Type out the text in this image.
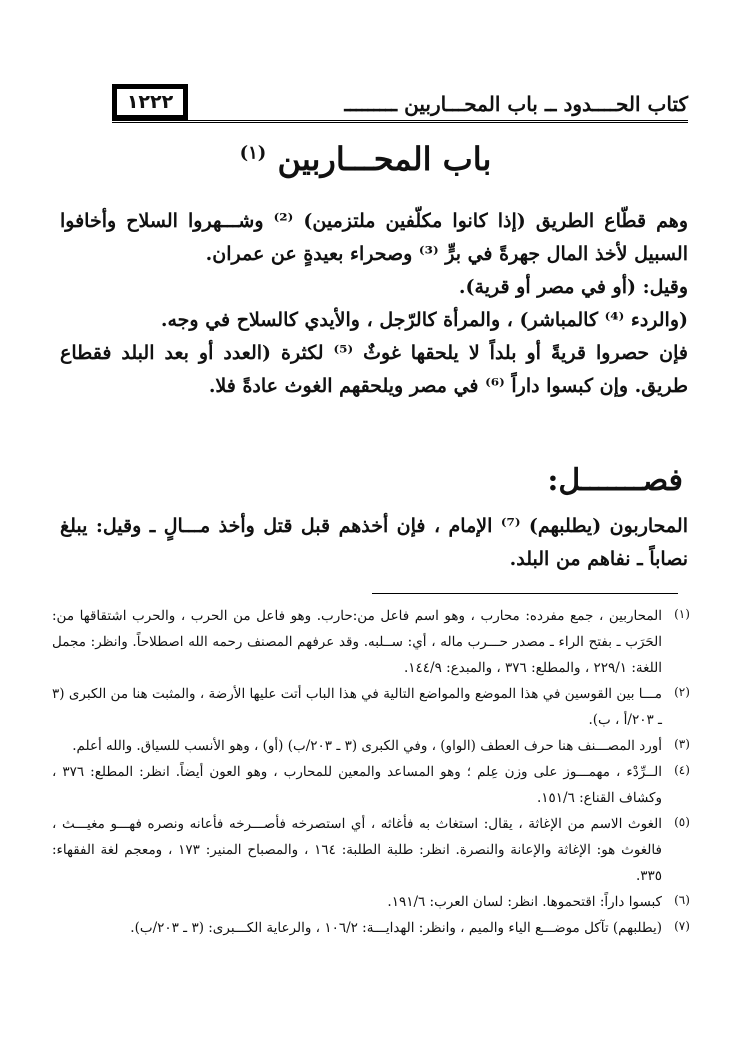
١٢٢٢	كتاب الحــــدود ــ باب المحـــاربين ـــــــــ
باب المحـــاربين $^{(١)}$

وهم قطّاع الطريق (إذا كانوا مكلّفين ملتزمين) ⁽²⁾ وشـــهروا السلاح وأخافوا السبيل لأخذ المال جهرةً في برٍّ ⁽³⁾ وصحراء بعيدةٍ عن عمران.

وقيل: (أو في مصر أو قرية).

(والردء ⁽⁴⁾ كالمباشر) ، والمرأة كالرّجل ، والأيدي كالسلاح في وجه.

فإن حصروا قريةً أو بلداً لا يلحقها غوثٌ ⁽⁵⁾ لكثرة (العدد أو بعد البلد فقطاع طريق. وإن كبسوا داراً ⁽⁶⁾ في مصر ويلحقهم الغوث عادةً فلا.

فصـــــــل:

المحاربون (يطلبهم) ⁽⁷⁾ الإمام ، فإن أخذهم قبل قتل وأخذ مـــالٍ ـ وقيل: يبلغ نصاباً ـ نفاهم من البلد.

(١)
المحاربين ، جمع مفرده: محارب ، وهو اسم فاعل من:حارب. وهو فاعل من الحرب ، والحرب اشتقاقها من: الحَرَب ـ بفتح الراء ـ مصدر حـــرب ماله ، أي: ســلبه. وقد عرفهم المصنف رحمه الله اصطلاحاً. وانظر: مجمل اللغة: ٢٢٩/١ ، والمطلع: ٣٧٦ ، والمبدع: ١٤٤/٩.
(٢)
مـــا بين القوسين في هذا الموضع والمواضع التالية في هذا الباب أتت عليها الأرضة ، والمثبت هنا من الكبرى (٣ ـ ٢٠٣/أ ، ب).
(٣)
أورد المصـــنف هنا حرف العطف (الواو) ، وفي الكبرى (٣ ـ ٢٠٣/ب) (أو) ، وهو الأنسب للسياق. والله أعلم.
(٤)
الــرِّدْء ، مهمـــوز على وزن عِلم ؛ وهو المساعد والمعين للمحارب ، وهو العون أيضاً. انظر: المطلع: ٣٧٦ ، وكشاف القناع: ١٥١/٦.
(٥)
الغوث الاسم من الإغاثة ، يقال: استغاث به فأغاثه ، أي استصرخه فأصـــرخه فأعانه ونصره فهـــو مغيـــث ، فالغوث هو: الإغاثة والإعانة والنصرة. انظر: طلبة الطلبة: ١٦٤ ، والمصباح المنير: ١٧٣ ، ومعجم لغة الفقهاء: ٣٣٥.
(٦)
كبسوا داراً: اقتحموها. انظر: لسان العرب: ١٩١/٦.
(٧)
(يطلبهم) تآكل موضـــع الياء والميم ، وانظر: الهدايـــة: ١٠٦/٢ ، والرعاية الكـــبرى: (٣ ـ ٢٠٣/ب).
